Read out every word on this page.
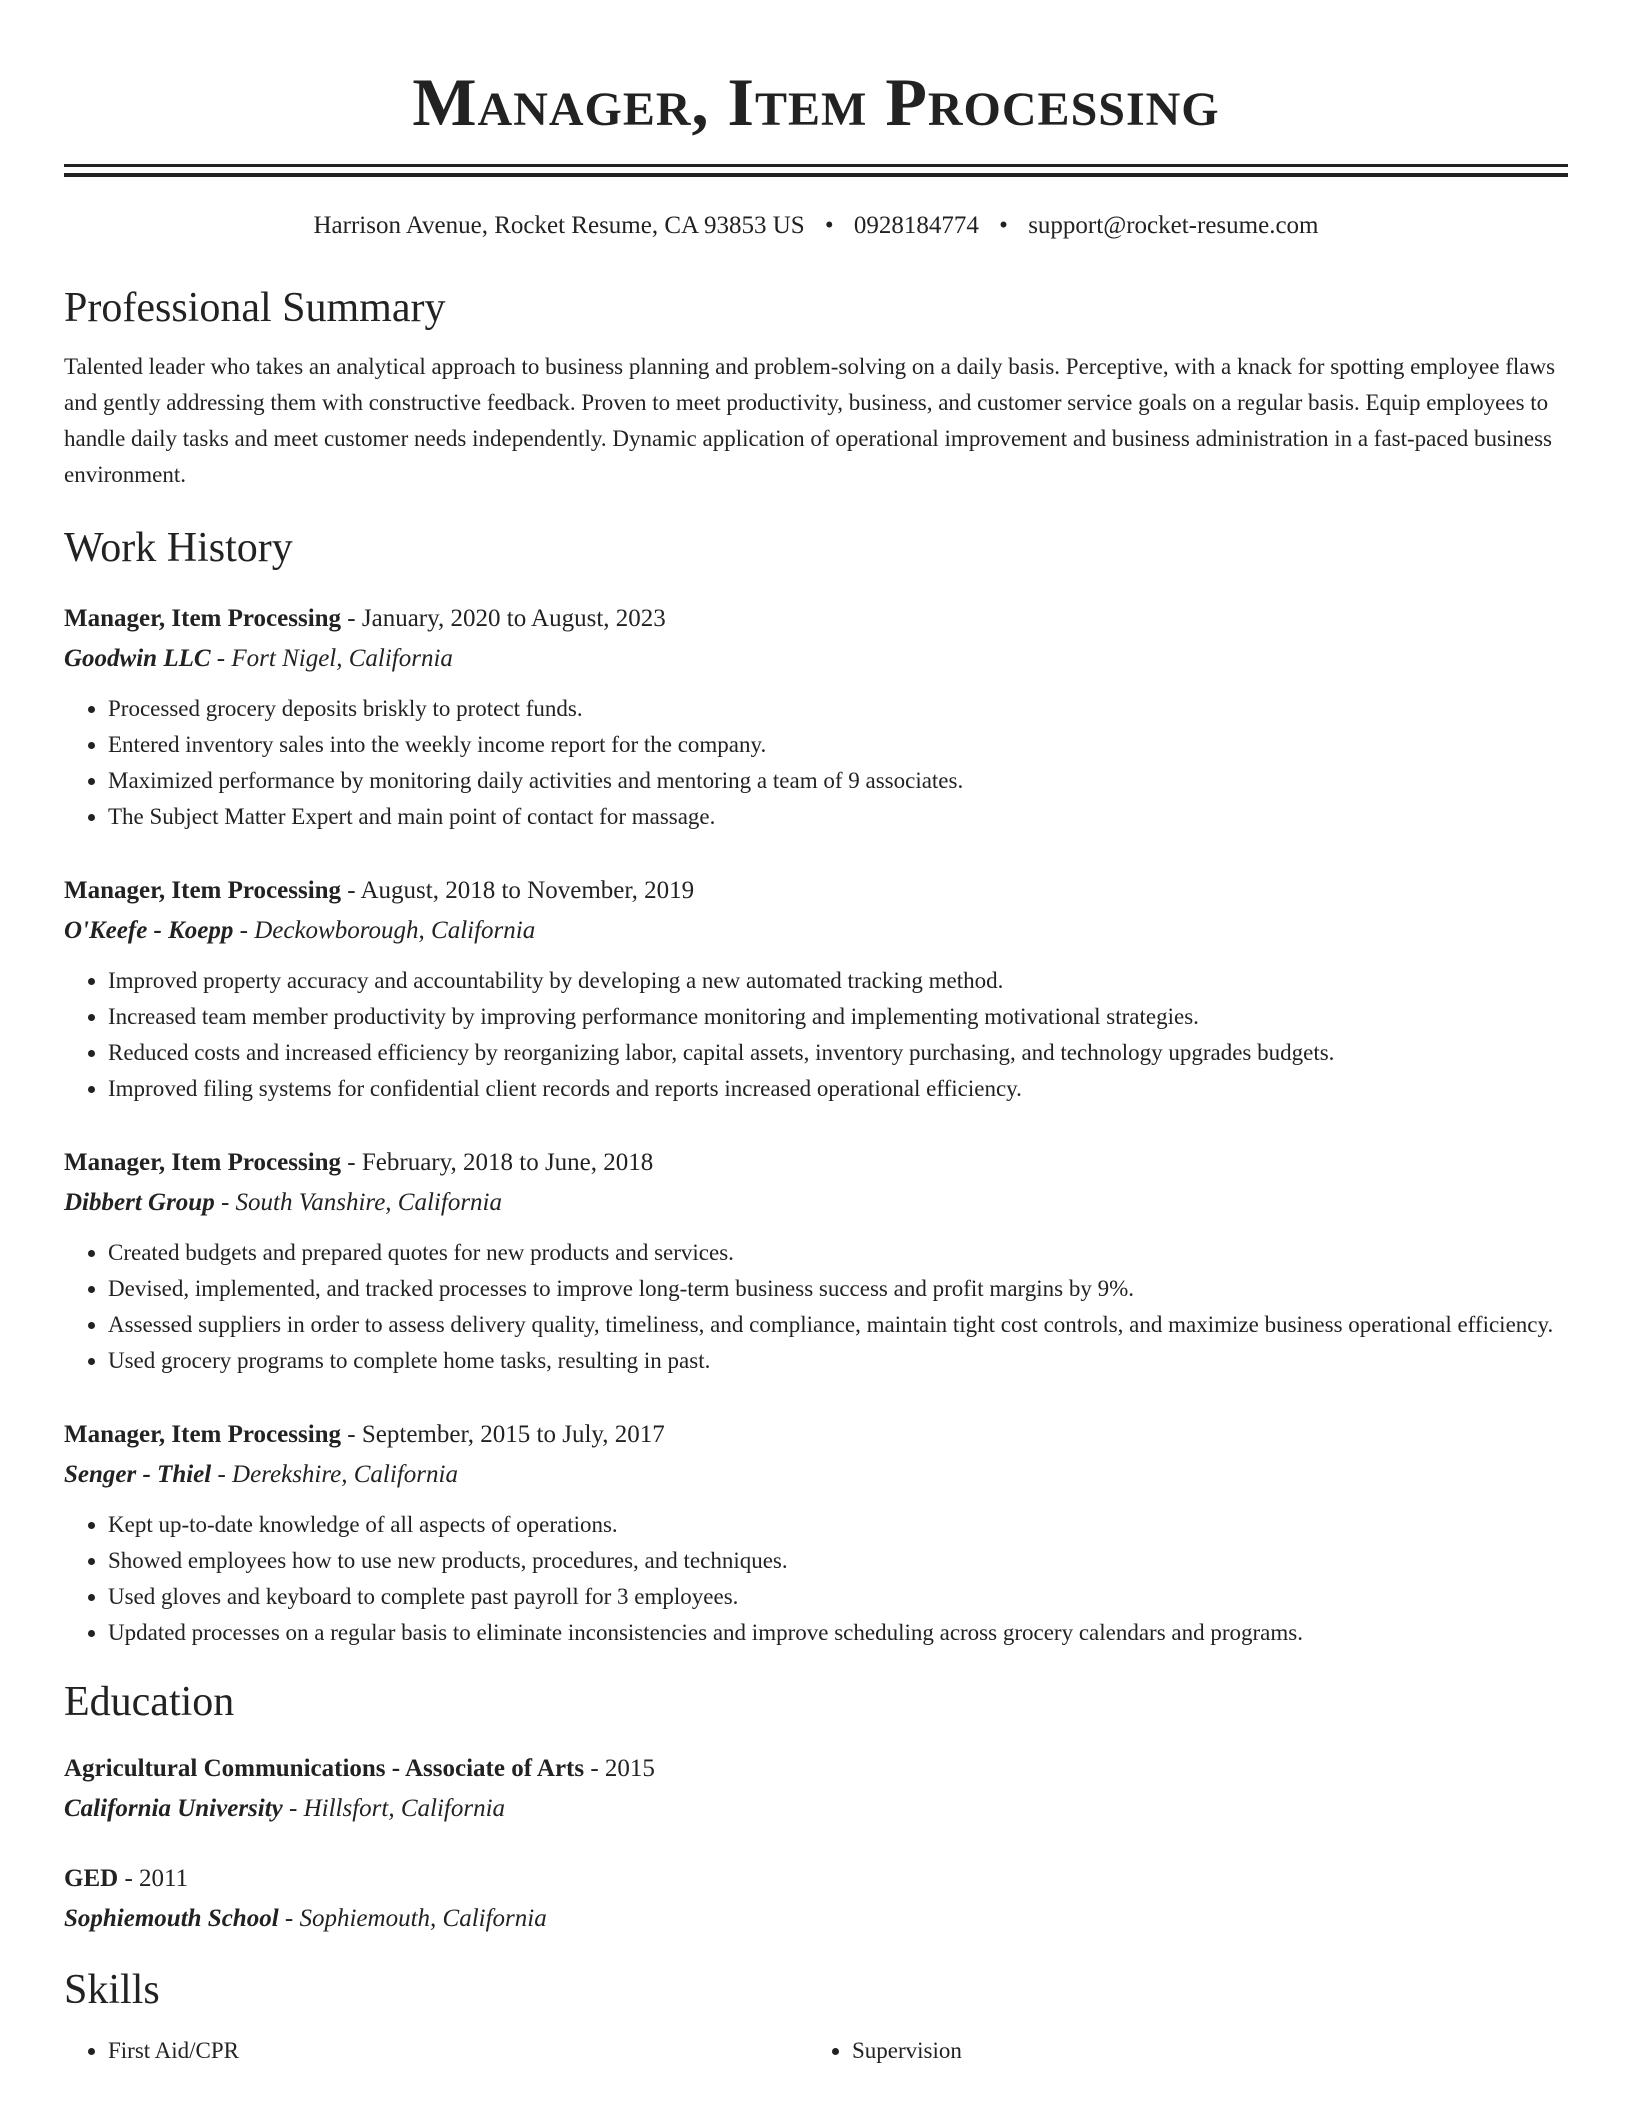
Manager, Item Processing
Harrison Avenue, Rocket Resume, CA 93853 US • 0928184774 • support@rocket-resume.com
Professional Summary

Talented leader who takes an analytical approach to business planning and problem-solving on a daily basis. Perceptive, with a knack for spotting employee flaws and gently addressing them with constructive feedback. Proven to meet productivity, business, and customer service goals on a regular basis. Equip employees to handle daily tasks and meet customer needs independently. Dynamic application of operational improvement and business administration in a fast-paced business environment.

Work History
Manager, Item Processing - January, 2020 to August, 2023
Goodwin LLC - Fort Nigel, California
• Processed grocery deposits briskly to protect funds.
• Entered inventory sales into the weekly income report for the company.
• Maximized performance by monitoring daily activities and mentoring a team of 9 associates.
• The Subject Matter Expert and main point of contact for massage.
Manager, Item Processing - August, 2018 to November, 2019
O'Keefe - Koepp - Deckowborough, California
• Improved property accuracy and accountability by developing a new automated tracking method.
• Increased team member productivity by improving performance monitoring and implementing motivational strategies.
• Reduced costs and increased efficiency by reorganizing labor, capital assets, inventory purchasing, and technology upgrades budgets.
• Improved filing systems for confidential client records and reports increased operational efficiency.
Manager, Item Processing - February, 2018 to June, 2018
Dibbert Group - South Vanshire, California
• Created budgets and prepared quotes for new products and services.
• Devised, implemented, and tracked processes to improve long-term business success and profit margins by 9%.
• Assessed suppliers in order to assess delivery quality, timeliness, and compliance, maintain tight cost controls, and maximize business operational efficiency.
• Used grocery programs to complete home tasks, resulting in past.
Manager, Item Processing - September, 2015 to July, 2017
Senger - Thiel - Derekshire, California
• Kept up-to-date knowledge of all aspects of operations.
• Showed employees how to use new products, procedures, and techniques.
• Used gloves and keyboard to complete past payroll for 3 employees.
• Updated processes on a regular basis to eliminate inconsistencies and improve scheduling across grocery calendars and programs.
Education
Agricultural Communications - Associate of Arts - 2015
California University - Hillsfort, California
GED - 2011
Sophiemouth School - Sophiemouth, California
Skills
• First Aid/CPR
•	Supervision
